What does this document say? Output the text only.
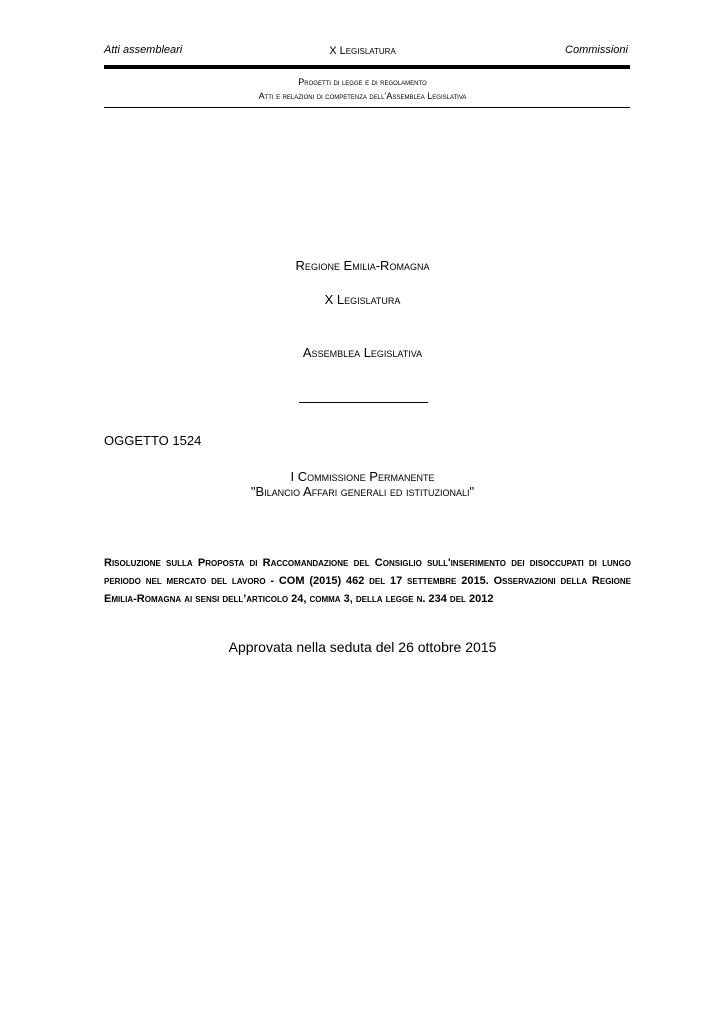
Atti assembleari	X Legislatura	Commissioni
Progetti di legge e di regolamento
Atti e relazioni di competenza dell’Assemblea Legislativa
Regione Emilia-Romagna
X Legislatura
Assemblea Legislativa
OGGETTO 1524
I Commissione Permanente
"Bilancio Affari generali ed istituzionali"
Risoluzione sulla Proposta di Raccomandazione del Consiglio sull'inserimento dei disoccupati di lungo periodo nel mercato del lavoro - COM (2015) 462 del 17 settembre 2015. Osservazioni della Regione Emilia-Romagna ai sensi dell’articolo 24, comma 3, della legge n. 234 del 2012
Approvata nella seduta del 26 ottobre 2015
